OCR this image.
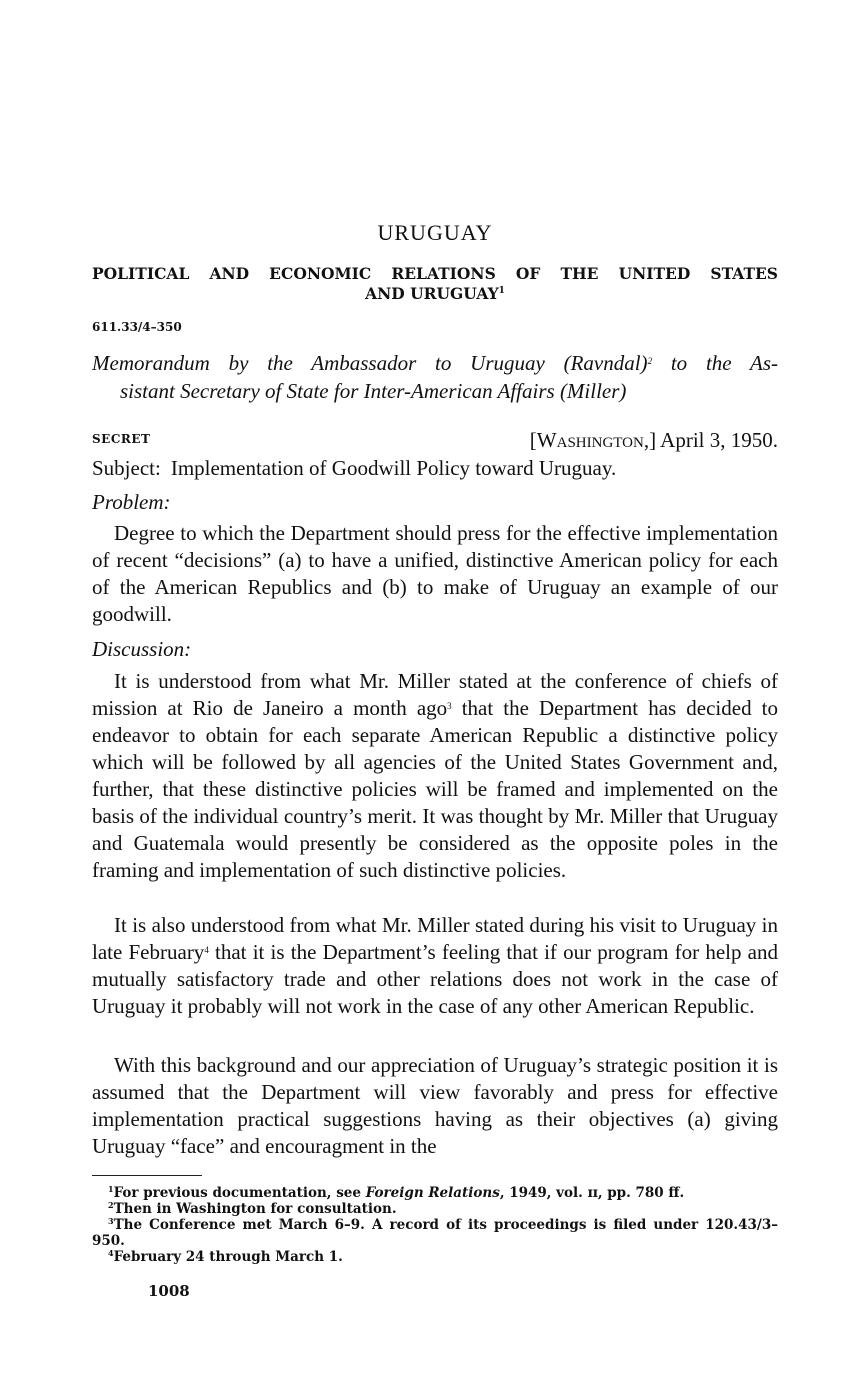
URUGUAY
POLITICAL AND ECONOMIC RELATIONS OF THE UNITED STATES
AND URUGUAY$^1$
611.33/4–350
Memorandum by the Ambassador to Uruguay (Ravndal)$^2$ to the As-
sistant Secretary of State for Inter-American Affairs (Miller)
SECRET	[Washington,] April 3, 1950.
Subject: Implementation of Goodwill Policy toward Uruguay.
Problem:

Degree to which the Department should press for the effective implementation of recent “decisions” (a) to have a unified, distinctive American policy for each of the American Republics and (b) to make of Uruguay an example of our goodwill.

Discussion:

It is understood from what Mr. Miller stated at the conference of chiefs of mission at Rio de Janeiro a month ago$^3$ that the Department has decided to endeavor to obtain for each separate American Republic a distinctive policy which will be followed by all agencies of the United States Government and, further, that these distinctive policies will be framed and implemented on the basis of the individual country’s merit. It was thought by Mr. Miller that Uruguay and Guatemala would presently be considered as the opposite poles in the framing and implementation of such distinctive policies.

It is also understood from what Mr. Miller stated during his visit to Uruguay in late February$^4$ that it is the Department’s feeling that if our program for help and mutually satisfactory trade and other relations does not work in the case of Uruguay it probably will not work in the case of any other American Republic.

With this background and our appreciation of Uruguay’s strategic position it is assumed that the Department will view favorably and press for effective implementation practical suggestions having as their objectives (a) giving Uruguay “face” and encouragment in the

$^1$For previous documentation, see Foreign Relations, 1949, vol. ɪɪ, pp. 780 ff.

$^2$Then in Washington for consultation.

$^3$The Conference met March 6–9. A record of its proceedings is filed under 120.43/3–950.

$^4$February 24 through March 1.

1008
